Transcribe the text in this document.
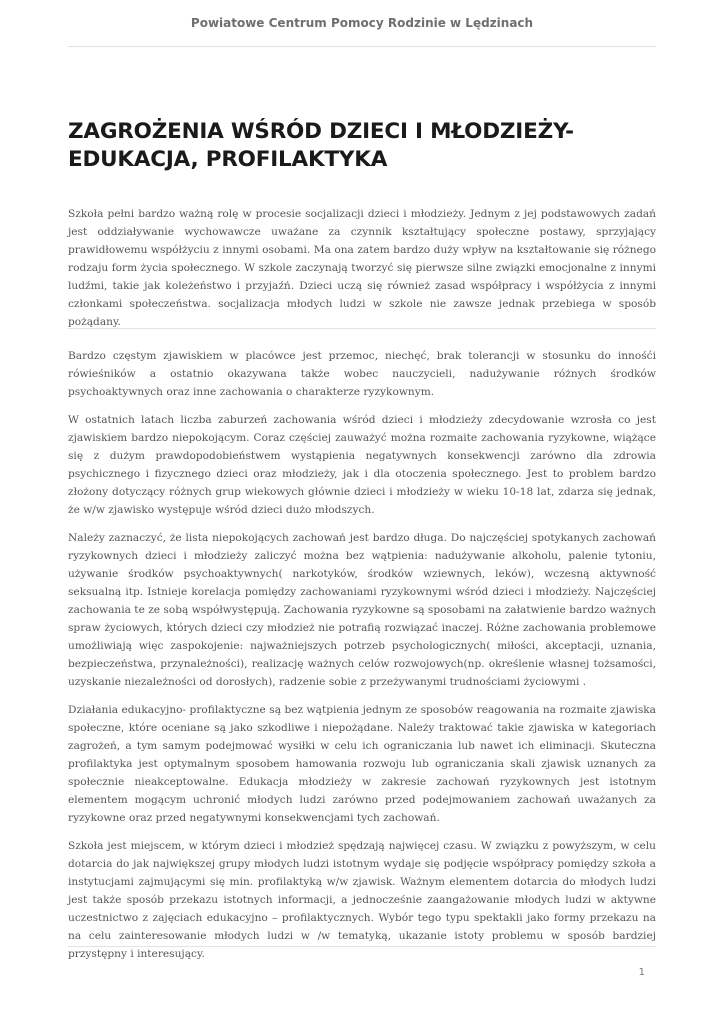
Powiatowe Centrum Pomocy Rodzinie w Lędzinach
ZAGROŻENIA WŚRÓD DZIECI I MŁODZIEŻY-EDUKACJA, PROFILAKTYKA

Szkoła pełni bardzo ważną rolę w procesie socjalizacji dzieci i młodzieży. Jednym z jej podstawowych zadań jest oddziaływanie wychowawcze uważane za czynnik kształtujący społeczne postawy, sprzyjający prawidłowemu współżyciu z innymi osobami. Ma ona zatem bardzo duży wpływ na kształtowanie się różnego rodzaju form życia społecznego. W szkole zaczynają tworzyć się pierwsze silne związki emocjonalne z innymi ludźmi, takie jak koleżeństwo i przyjaźń. Dzieci uczą się również zasad współpracy i współżycia z innymi członkami społeczeństwa. socjalizacja młodych ludzi w szkole nie zawsze jednak przebiega w sposób pożądany.

Bardzo częstym zjawiskiem w placówce jest przemoc, niechęć, brak tolerancji w stosunku do innośći rówieśników a ostatnio okazywana także wobec nauczycieli, nadużywanie różnych środków psychoaktywnych oraz inne zachowania o charakterze ryzykownym.

W ostatnich latach liczba zaburzeń zachowania wśród dzieci i młodzieży zdecydowanie wzrosła co jest zjawiskiem bardzo niepokojącym. Coraz częściej zauważyć można rozmaite zachowania ryzykowne, wiążące się z dużym prawdopodobieństwem wystąpienia negatywnych konsekwencji zarówno dla zdrowia psychicznego i fizycznego dzieci oraz młodzieży, jak i dla otoczenia społecznego. Jest to problem bardzo złożony dotyczący różnych grup wiekowych głównie dzieci i młodzieży w wieku 10-18 lat, zdarza się jednak, że w/w zjawisko występuje wśród dzieci dużo młodszych.

Należy zaznaczyć, że lista niepokojących zachowań jest bardzo długa. Do najczęściej spotykanych zachowań ryzykownych dzieci i młodzieży zaliczyć można bez wątpienia: nadużywanie alkoholu, palenie tytoniu, używanie środków psychoaktywnych( narkotyków, środków wziewnych, leków), wczesną aktywność seksualną itp. Istnieje korelacja pomiędzy zachowaniami ryzykownymi wśród dzieci i młodzieży. Najczęściej zachowania te ze sobą współwystępują. Zachowania ryzykowne są sposobami na załatwienie bardzo ważnych spraw życiowych, których dzieci czy młodzież nie potrafią rozwiązać inaczej. Różne zachowania problemowe umożliwiają więc zaspokojenie: najważniejszych potrzeb psychologicznych( miłości, akceptacji, uznania, bezpieczeństwa, przynależności), realizację ważnych celów rozwojowych(np. określenie własnej tożsamości, uzyskanie niezależności od dorosłych), radzenie sobie z przeżywanymi trudnościami życiowymi .

Działania edukacyjno- profilaktyczne są bez wątpienia jednym ze sposobów reagowania na rozmaite zjawiska społeczne, które oceniane są jako szkodliwe i niepożądane. Należy traktować takie zjawiska w kategoriach zagrożeń, a tym samym podejmować wysiłki w celu ich ograniczania lub nawet ich eliminacji. Skuteczna profilaktyka jest optymalnym sposobem hamowania rozwoju lub ograniczania skali zjawisk uznanych za społecznie nieakceptowalne. Edukacja młodzieży w zakresie zachowań ryzykownych jest istotnym elementem mogącym uchronić młodych ludzi zarówno przed podejmowaniem zachowań uważanych za ryzykowne oraz przed negatywnymi konsekwencjami tych zachowań.

Szkoła jest miejscem, w którym dzieci i młodzież spędzają najwięcej czasu. W związku z powyższym, w celu dotarcia do jak największej grupy młodych ludzi istotnym wydaje się podjęcie współpracy pomiędzy szkoła a instytucjami zajmującymi się min. profilaktyką w/w zjawisk. Ważnym elementem dotarcia do młodych ludzi jest także sposób przekazu istotnych informacji, a jednocześnie zaangażowanie młodych ludzi w aktywne uczestnictwo z zajęciach edukacyjno – profilaktycznych. Wybór tego typu spektakli jako formy przekazu na na celu zainteresowanie młodych ludzi w /w tematyką, ukazanie istoty problemu w sposób bardziej przystępny i interesujący.

1
